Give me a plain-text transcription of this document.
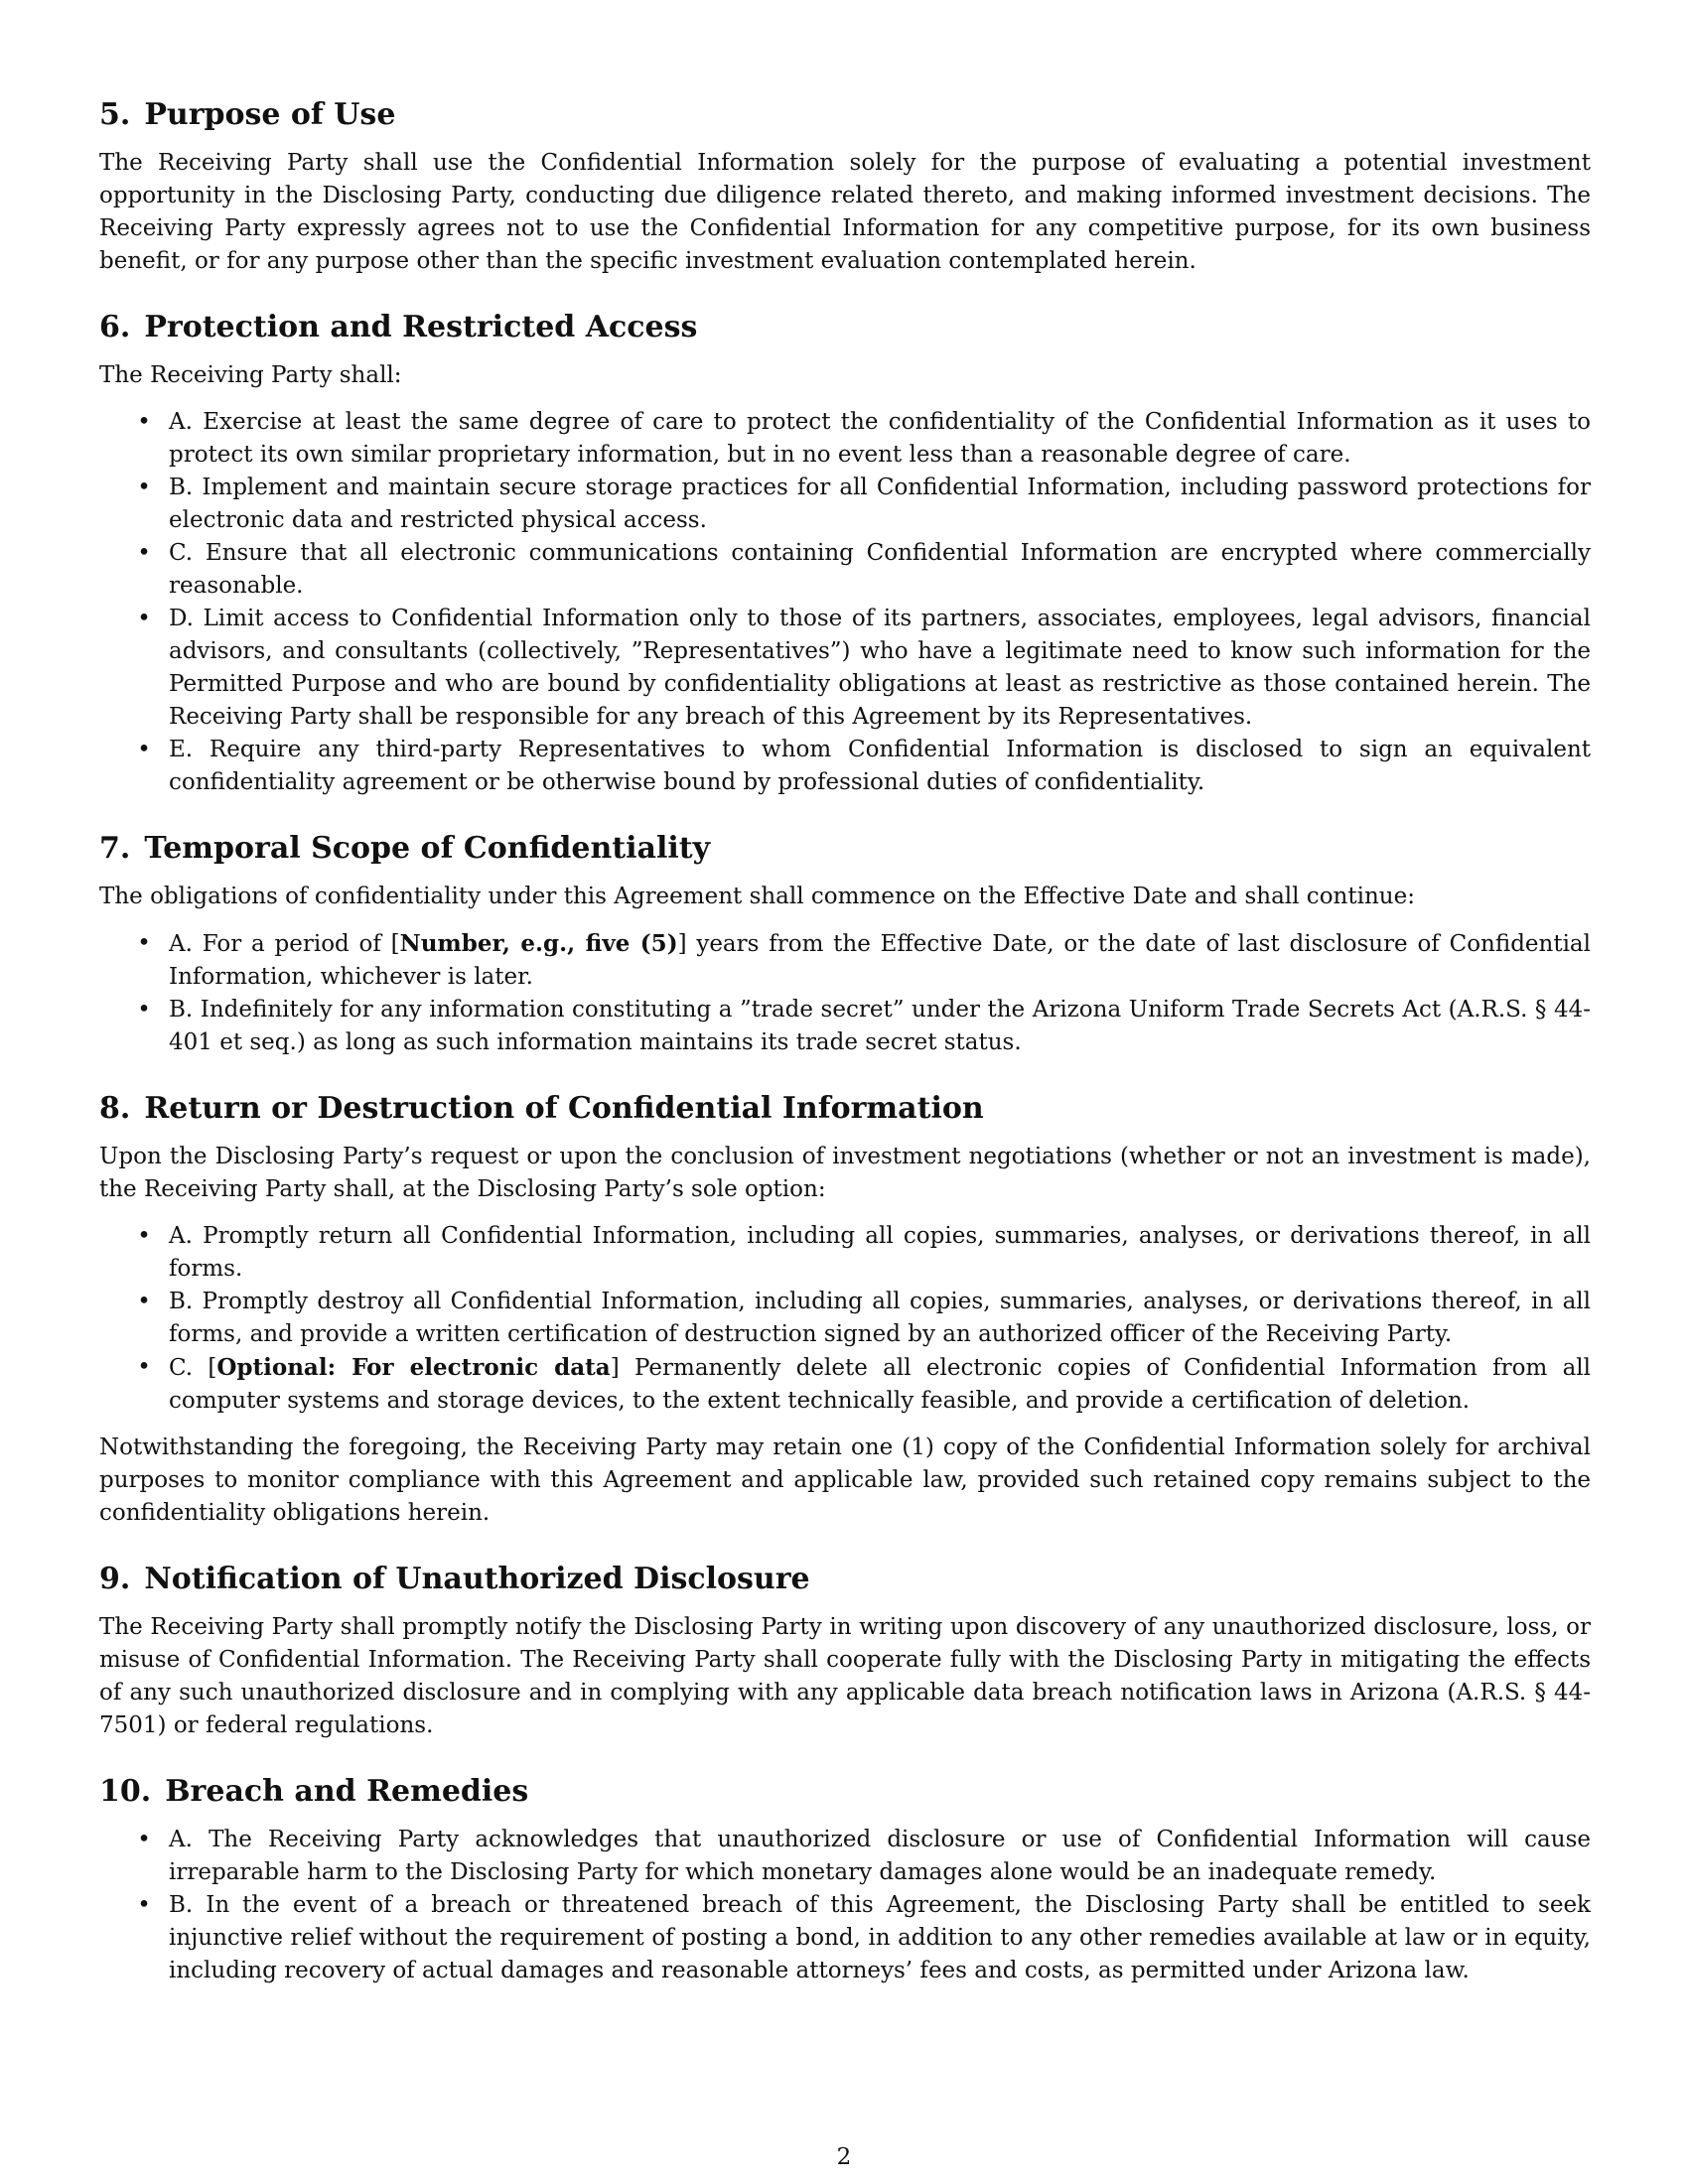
5. Purpose of Use

The Receiving Party shall use the Confidential Information solely for the purpose of evaluating a potential investment opportunity in the Disclosing Party, conducting due diligence related thereto, and making informed investment decisions. The Receiving Party expressly agrees not to use the Confidential Information for any competitive purpose, for its own business benefit, or for any purpose other than the specific investment evaluation contemplated herein.

6. Protection and Restricted Access

The Receiving Party shall:

• A. Exercise at least the same degree of care to protect the confidentiality of the Confidential Information as it uses to protect its own similar proprietary information, but in no event less than a reasonable degree of care.
• B. Implement and maintain secure storage practices for all Confidential Information, including password protections for electronic data and restricted physical access.
• C. Ensure that all electronic communications containing Confidential Information are encrypted where commercially reasonable.
• D. Limit access to Confidential Information only to those of its partners, associates, employees, legal advisors, financial advisors, and consultants (collectively, ”Representatives”) who have a legitimate need to know such information for the Permitted Purpose and who are bound by confidentiality obligations at least as restrictive as those contained herein. The Receiving Party shall be responsible for any breach of this Agreement by its Representatives.
• E. Require any third-party Representatives to whom Confidential Information is disclosed to sign an equivalent confidentiality agreement or be otherwise bound by professional duties of confidentiality.
7. Temporal Scope of Confidentiality

The obligations of confidentiality under this Agreement shall commence on the Effective Date and shall continue:

• A. For a period of [Number, e.g., five (5)] years from the Effective Date, or the date of last disclosure of Confidential Information, whichever is later.
• B. Indefinitely for any information constituting a ”trade secret” under the Arizona Uniform Trade Secrets Act (A.R.S. § 44-401 et seq.) as long as such information maintains its trade secret status.
8. Return or Destruction of Confidential Information

Upon the Disclosing Party’s request or upon the conclusion of investment negotiations (whether or not an investment is made), the Receiving Party shall, at the Disclosing Party’s sole option:

• A. Promptly return all Confidential Information, including all copies, summaries, analyses, or derivations thereof, in all forms.
• B. Promptly destroy all Confidential Information, including all copies, summaries, analyses, or derivations thereof, in all forms, and provide a written certification of destruction signed by an authorized officer of the Receiving Party.
• C. [Optional: For electronic data] Permanently delete all electronic copies of Confidential Information from all computer systems and storage devices, to the extent technically feasible, and provide a certification of deletion.

Notwithstanding the foregoing, the Receiving Party may retain one (1) copy of the Confidential Information solely for archival purposes to monitor compliance with this Agreement and applicable law, provided such retained copy remains subject to the confidentiality obligations herein.

9. Notification of Unauthorized Disclosure

The Receiving Party shall promptly notify the Disclosing Party in writing upon discovery of any unauthorized disclosure, loss, or misuse of Confidential Information. The Receiving Party shall cooperate fully with the Disclosing Party in mitigating the effects of any such unauthorized disclosure and in complying with any applicable data breach notification laws in Arizona (A.R.S. § 44-7501) or federal regulations.

10. Breach and Remedies
• A. The Receiving Party acknowledges that unauthorized disclosure or use of Confidential Information will cause irreparable harm to the Disclosing Party for which monetary damages alone would be an inadequate remedy.
• B. In the event of a breach or threatened breach of this Agreement, the Disclosing Party shall be entitled to seek injunctive relief without the requirement of posting a bond, in addition to any other remedies available at law or in equity, including recovery of actual damages and reasonable attorneys’ fees and costs, as permitted under Arizona law.
2
